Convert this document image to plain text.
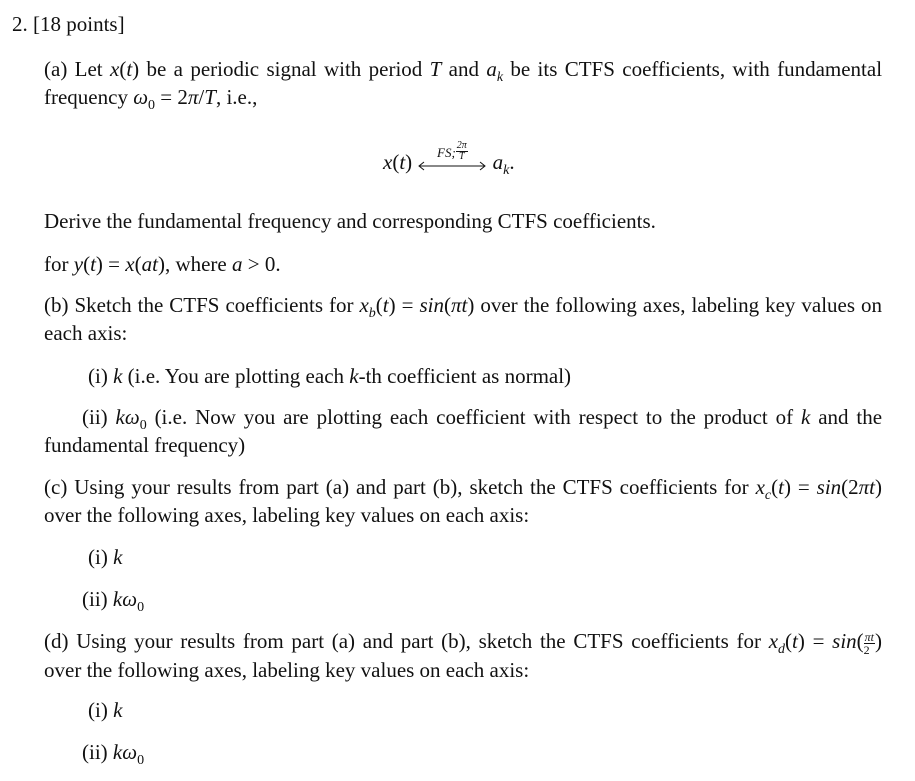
2. [18 points]
(a) Let x(t) be a periodic signal with period T and $a_k$ be its CTFS coefficients, with fundamental frequency $\omega_0 = 2\pi/T$, i.e.,
x(t)	FS; $\frac{2\pi}{T} a_k$.
Derive the fundamental frequency and corresponding CTFS coefficients.
for y(t) = x(at), where a > 0.
(b) Sketch the CTFS coefficients for $x_b(t) = \sin(\pi t)$ over the following axes, labeling key values on each axis:
(i) k (i.e. You are plotting each k-th coefficient as normal)
(ii) $k\omega_0$ (i.e. Now you are plotting each coefficient with respect to the product of k and the fundamental frequency)
(c) Using your results from part (a) and part (b), sketch the CTFS coefficients for $x_c(t) = \sin(2\pi t)$ over the following axes, labeling key values on each axis:
(i) k
(ii) $k\omega_0$
(d) Using your results from part (a) and part (b), sketch the CTFS coefficients for $x_d(t) = \sin( \frac{\pi t}{2}$ ) over the following axes, labeling key values on each axis:
(i) k
(ii) $k\omega_0$
